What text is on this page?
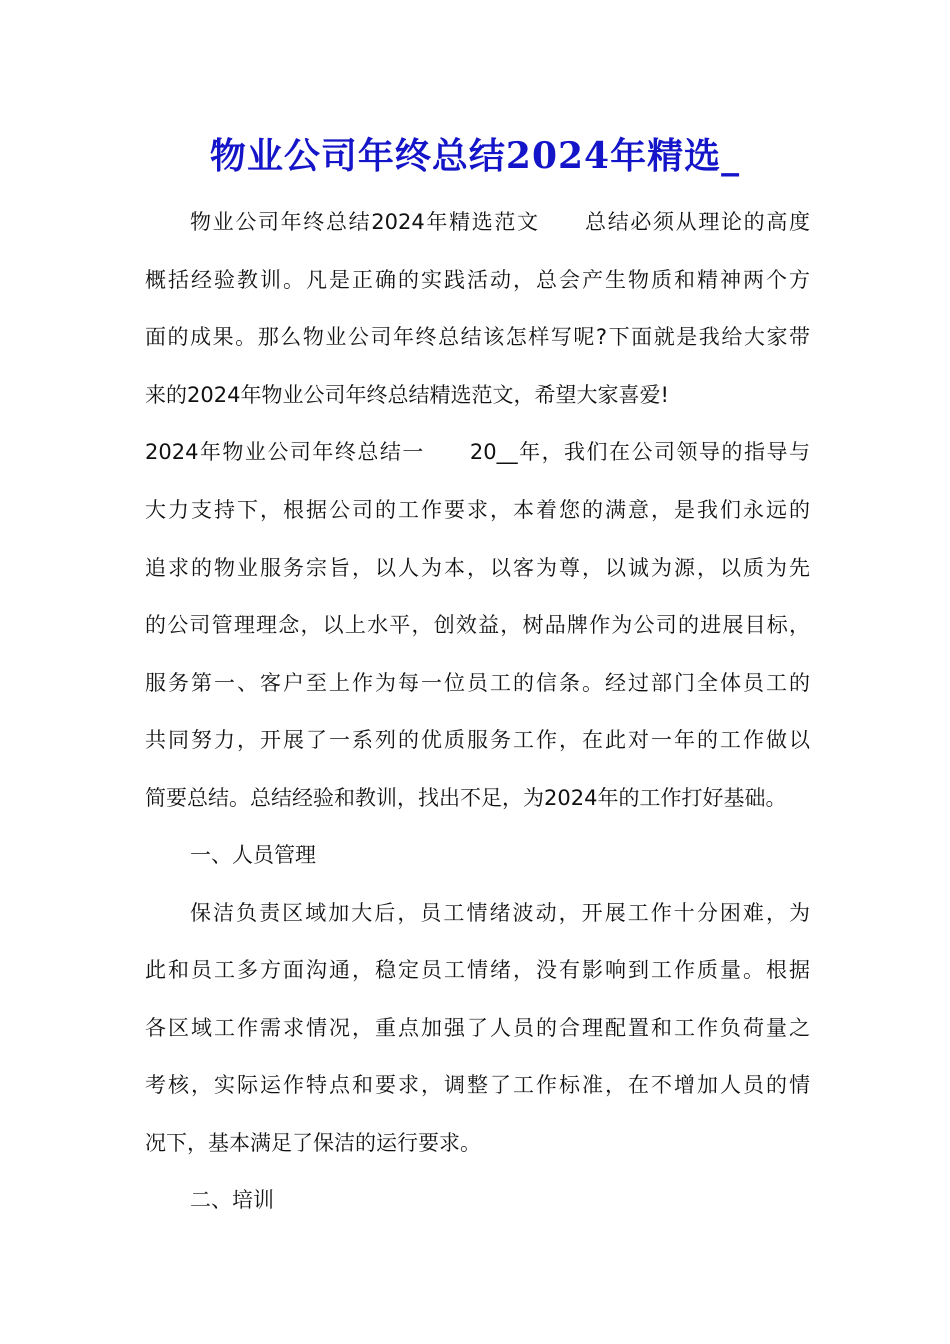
物业公司年终总结2024年精选_
物业公司年终总结2024年精选范文　　总结必须从理论的高度
概括经验教训。凡是正确的实践活动，总会产生物质和精神两个方
面的成果。那么物业公司年终总结该怎样写呢?下面就是我给大家带
来的2024年物业公司年终总结精选范文，希望大家喜爱!
2024年物业公司年终总结一　　20__年，我们在公司领导的指导与
大力支持下，根据公司的工作要求，本着您的满意，是我们永远的
追求的物业服务宗旨，以人为本，以客为尊，以诚为源，以质为先
的公司管理理念，以上水平，创效益，树品牌作为公司的进展目标，
服务第一、客户至上作为每一位员工的信条。经过部门全体员工的
共同努力，开展了一系列的优质服务工作，在此对一年的工作做以
简要总结。总结经验和教训，找出不足，为2024年的工作打好基础。
一、人员管理
保洁负责区域加大后，员工情绪波动，开展工作十分困难，为
此和员工多方面沟通，稳定员工情绪，没有影响到工作质量。根据
各区域工作需求情况，重点加强了人员的合理配置和工作负荷量之
考核，实际运作特点和要求，调整了工作标准，在不增加人员的情
况下，基本满足了保洁的运行要求。
二、培训
